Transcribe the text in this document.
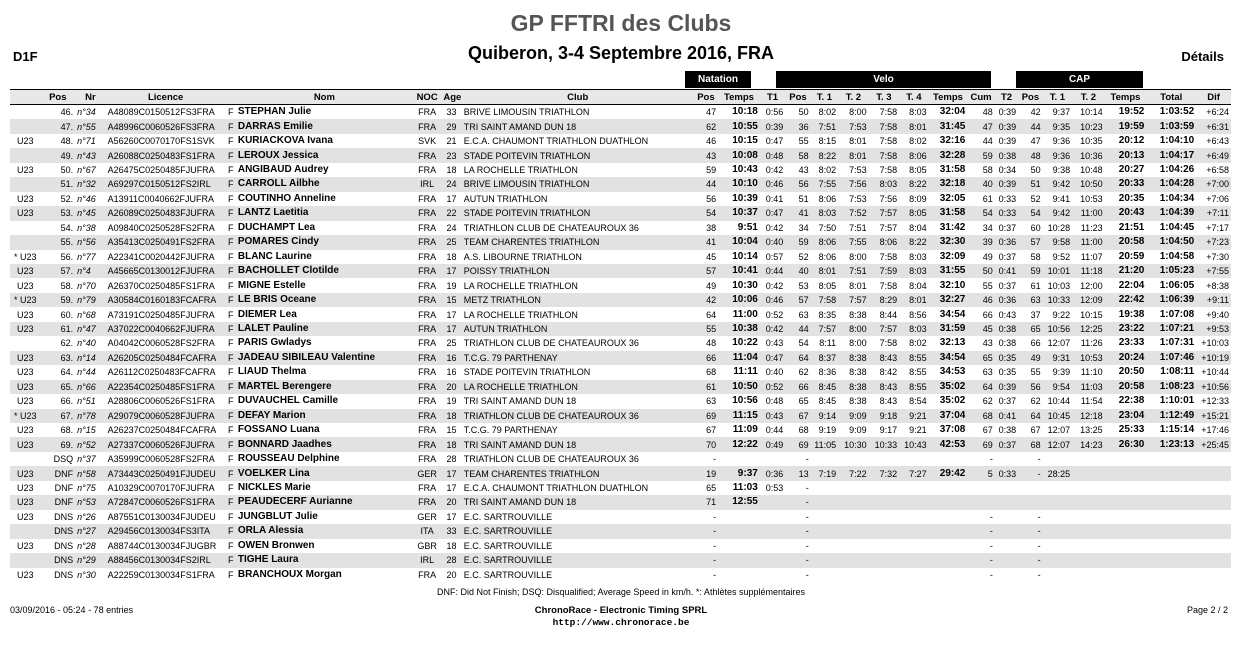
GP FFTRI des Clubs
Quiberon, 3-4 Septembre 2016, FRA
D1F	Détails
Natation	Velo	CAP
	Pos	Nr	Licence		Nom	NOC	Age	Club	Pos	Temps	T1	Pos	T. 1	T. 2	T. 3	T. 4	Temps	Cum	T2	Pos	T. 1	T. 2	Temps	Total	Dif
	46.	n°34	A48089C0150512FS3FRA	F	STEPHAN Julie	FRA	33	BRIVE LIMOUSIN TRIATHLON	47	10:18	0:56	50	8:02	8:00	7:58	8:03	32:04	48	0:39	42	9:37	10:14	19:52	1:03:52	+6:24
	47.	n°55	A48996C0060526FS3FRA	F	DARRAS Emilie	FRA	29	TRI SAINT AMAND DUN 18	62	10:55	0:39	36	7:51	7:53	7:58	8:01	31:45	47	0:39	44	9:35	10:23	19:59	1:03:59	+6:31
U23	48.	n°71	A56260C0070170FS1SVK	F	KURIACKOVA Ivana	SVK	21	E.C.A. CHAUMONT TRIATHLON DUATHLON	46	10:15	0:47	55	8:15	8:01	7:58	8:02	32:16	44	0:39	47	9:36	10:35	20:12	1:04:10	+6:43
	49.	n°43	A26088C0250483FS1FRA	F	LEROUX Jessica	FRA	23	STADE POITEVIN TRIATHLON	43	10:08	0:48	58	8:22	8:01	7:58	8:06	32:28	59	0:38	48	9:36	10:36	20:13	1:04:17	+6:49
U23	50.	n°67	A26475C0250485FJUFRA	F	ANGIBAUD Audrey	FRA	18	LA ROCHELLE TRIATHLON	59	10:43	0:42	43	8:02	7:53	7:58	8:05	31:58	58	0:34	50	9:38	10:48	20:27	1:04:26	+6:58
	51.	n°32	A69297C0150512FS2IRL	F	CARROLL Ailbhe	IRL	24	BRIVE LIMOUSIN TRIATHLON	44	10:10	0:46	56	7:55	7:56	8:03	8:22	32:18	40	0:39	51	9:42	10:50	20:33	1:04:28	+7:00
U23	52.	n°46	A13911C0040662FJUFRA	F	COUTINHO Anneline	FRA	17	AUTUN TRIATHLON	56	10:39	0:41	51	8:06	7:53	7:56	8:09	32:05	61	0:33	52	9:41	10:53	20:35	1:04:34	+7:06
U23	53.	n°45	A26089C0250483FJUFRA	F	LANTZ Laetitia	FRA	22	STADE POITEVIN TRIATHLON	54	10:37	0:47	41	8:03	7:52	7:57	8:05	31:58	54	0:33	54	9:42	11:00	20:43	1:04:39	+7:11
	54.	n°38	A09840C0250528FS2FRA	F	DUCHAMPT Lea	FRA	24	TRIATHLON CLUB DE CHATEAUROUX 36	38	9:51	0:42	34	7:50	7:51	7:57	8:04	31:42	34	0:37	60	10:28	11:23	21:51	1:04:45	+7:17
	55.	n°56	A35413C0250491FS2FRA	F	POMARES Cindy	FRA	25	TEAM CHARENTES TRIATHLON	41	10:04	0:40	59	8:06	7:55	8:06	8:22	32:30	39	0:36	57	9:58	11:00	20:58	1:04:50	+7:23
* U23	56.	n°77	A22341C0020442FJUFRA	F	BLANC Laurine	FRA	18	A.S. LIBOURNE TRIATHLON	45	10:14	0:57	52	8:06	8:00	7:58	8:03	32:09	49	0:37	58	9:52	11:07	20:59	1:04:58	+7:30
U23	57.	n°4	A45665C0130012FJUFRA	F	BACHOLLET Clotilde	FRA	17	POISSY TRIATHLON	57	10:41	0:44	40	8:01	7:51	7:59	8:03	31:55	50	0:41	59	10:01	11:18	21:20	1:05:23	+7:55
U23	58.	n°70	A26370C0250485FS1FRA	F	MIGNE Estelle	FRA	19	LA ROCHELLE TRIATHLON	49	10:30	0:42	53	8:05	8:01	7:58	8:04	32:10	55	0:37	61	10:03	12:00	22:04	1:06:05	+8:38
* U23	59.	n°79	A30584C0160183FCAFRA	F	LE BRIS Oceane	FRA	15	METZ TRIATHLON	42	10:06	0:46	57	7:58	7:57	8:29	8:01	32:27	46	0:36	63	10:33	12:09	22:42	1:06:39	+9:11
U23	60.	n°68	A73191C0250485FJUFRA	F	DIEMER Lea	FRA	17	LA ROCHELLE TRIATHLON	64	11:00	0:52	63	8:35	8:38	8:44	8:56	34:54	66	0:43	37	9:22	10:15	19:38	1:07:08	+9:40
U23	61.	n°47	A37022C0040662FJUFRA	F	LALET Pauline	FRA	17	AUTUN TRIATHLON	55	10:38	0:42	44	7:57	8:00	7:57	8:03	31:59	45	0:38	65	10:56	12:25	23:22	1:07:21	+9:53
	62.	n°40	A04042C0060528FS2FRA	F	PARIS Gwladys	FRA	25	TRIATHLON CLUB DE CHATEAUROUX 36	48	10:22	0:43	54	8:11	8:00	7:58	8:02	32:13	43	0:38	66	12:07	11:26	23:33	1:07:31	+10:03
U23	63.	n°14	A26205C0250484FCAFRA	F	JADEAU SIBILEAU Valentine	FRA	16	T.C.G. 79 PARTHENAY	66	11:04	0:47	64	8:37	8:38	8:43	8:55	34:54	65	0:35	49	9:31	10:53	20:24	1:07:46	+10:19
U23	64.	n°44	A26112C0250483FCAFRA	F	LIAUD Thelma	FRA	16	STADE POITEVIN TRIATHLON	68	11:11	0:40	62	8:36	8:38	8:42	8:55	34:53	63	0:35	55	9:39	11:10	20:50	1:08:11	+10:44
U23	65.	n°66	A22354C0250485FS1FRA	F	MARTEL Berengere	FRA	20	LA ROCHELLE TRIATHLON	61	10:50	0:52	66	8:45	8:38	8:43	8:55	35:02	64	0:39	56	9:54	11:03	20:58	1:08:23	+10:56
U23	66.	n°51	A28806C0060526FS1FRA	F	DUVAUCHEL Camille	FRA	19	TRI SAINT AMAND DUN 18	63	10:56	0:48	65	8:45	8:38	8:43	8:54	35:02	62	0:37	62	10:44	11:54	22:38	1:10:01	+12:33
* U23	67.	n°78	A29079C0060528FJUFRA	F	DEFAY Marion	FRA	18	TRIATHLON CLUB DE CHATEAUROUX 36	69	11:15	0:43	67	9:14	9:09	9:18	9:21	37:04	68	0:41	64	10:45	12:18	23:04	1:12:49	+15:21
U23	68.	n°15	A26237C0250484FCAFRA	F	FOSSANO Luana	FRA	15	T.C.G. 79 PARTHENAY	67	11:09	0:44	68	9:19	9:09	9:17	9:21	37:08	67	0:38	67	12:07	13:25	25:33	1:15:14	+17:46
U23	69.	n°52	A27337C0060526FJUFRA	F	BONNARD Jaadhes	FRA	18	TRI SAINT AMAND DUN 18	70	12:22	0:49	69	11:05	10:30	10:33	10:43	42:53	69	0:37	68	12:07	14:23	26:30	1:23:13	+25:45
	DSQ	n°37	A35999C0060528FS2FRA	F	ROUSSEAU Delphine	FRA	28	TRIATHLON CLUB DE CHATEAUROUX 36	-			-						-		-					
U23	DNF	n°58	A73443C0250491FJUDEU	F	VOELKER Lina	GER	17	TEAM CHARENTES TRIATHLON	19	9:37	0:36	13	7:19	7:22	7:32	7:27	29:42	5	0:33	-	28:25				
U23	DNF	n°75	A10329C0070170FJUFRA	F	NICKLES Marie	FRA	17	E.C.A. CHAUMONT TRIATHLON DUATHLON	65	11:03	0:53	-													
U23	DNF	n°53	A72847C0060526FS1FRA	F	PEAUDECERF Aurianne	FRA	20	TRI SAINT AMAND DUN 18	71	12:55		-													
U23	DNS	n°26	A87551C0130034FJUDEU	F	JUNGBLUT Julie	GER	17	E.C. SARTROUVILLE	-			-						-		-					
	DNS	n°27	A29456C0130034FS3ITA	F	ORLA Alessia	ITA	33	E.C. SARTROUVILLE	-			-						-		-					
U23	DNS	n°28	A88744C0130034FJUGBR	F	OWEN Bronwen	GBR	18	E.C. SARTROUVILLE	-			-						-		-					
	DNS	n°29	A88456C0130034FS2IRL	F	TIGHE Laura	IRL	28	E.C. SARTROUVILLE	-			-						-		-					
U23	DNS	n°30	A22259C0130034FS1FRA	F	BRANCHOUX Morgan	FRA	20	E.C. SARTROUVILLE	-			-						-		-					
DNF: Did Not Finish; DSQ: Disqualified; Average Speed in km/h. *: Athlètes supplémentaires
03/09/2016 - 05:24 - 78 entries	ChronoRace - Electronic Timing SPRL
http://www.chronorace.be
Page 2 / 2
